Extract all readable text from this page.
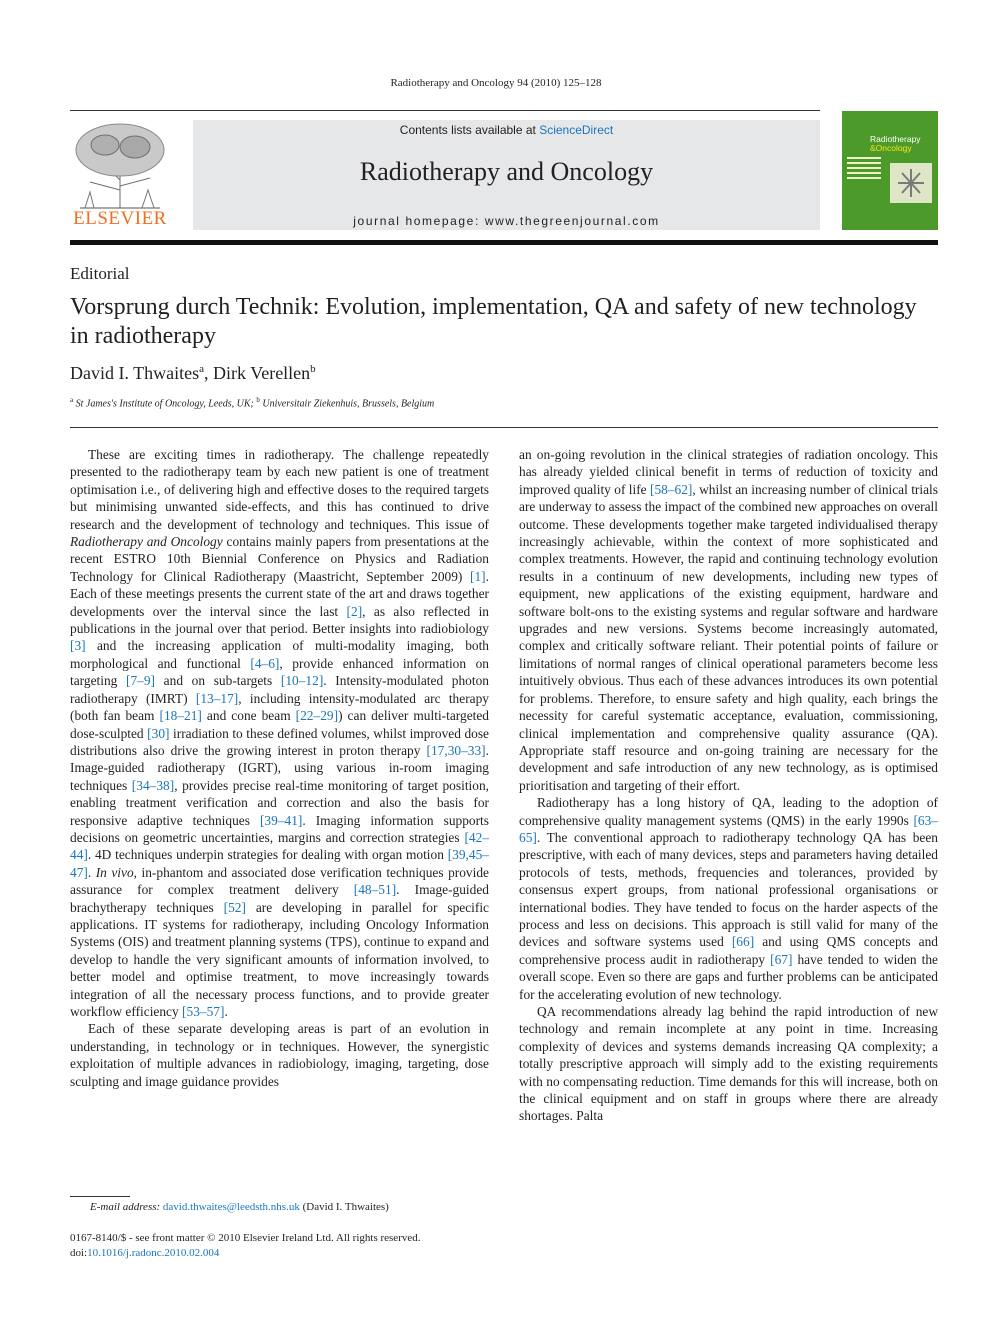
Radiotherapy and Oncology 94 (2010) 125–128
ELSEVIER
Contents lists available at ScienceDirect
Radiotherapy and Oncology
journal homepage: www.thegreenjournal.com
Radiotherapy
&Oncology
Editorial
Vorsprung durch Technik: Evolution, implementation, QA and safety of new technology in radiotherapy
David I. Thwaites$^a$, Dirk Verellen$^b$
$^a$ St James's Institute of Oncology, Leeds, UK; $^b$ Universitair Ziekenhuis, Brussels, Belgium

These are exciting times in radiotherapy. The challenge repeatedly presented to the radiotherapy team by each new patient is one of treatment optimisation i.e., of delivering high and effective doses to the required targets but minimising unwanted side-effects, and this has continued to drive research and the development of technology and techniques. This issue of Radiotherapy and Oncology contains mainly papers from presentations at the recent ESTRO 10th Biennial Conference on Physics and Radiation Technology for Clinical Radiotherapy (Maastricht, September 2009) [1]. Each of these meetings presents the current state of the art and draws together developments over the interval since the last [2], as also reflected in publications in the journal over that period. Better insights into radiobiology [3] and the increasing application of multi-modality imaging, both morphological and functional [4–6], provide enhanced information on targeting [7–9] and on sub-targets [10–12]. Intensity-modulated photon radiotherapy (IMRT) [13–17], including intensity-modulated arc therapy (both fan beam [18–21] and cone beam [22–29]) can deliver multi-targeted dose-sculpted [30] irradiation to these defined volumes, whilst improved dose distributions also drive the growing interest in proton therapy [17,30–33]. Image-guided radiotherapy (IGRT), using various in-room imaging techniques [34–38], provides precise real-time monitoring of target position, enabling treatment verification and correction and also the basis for responsive adaptive techniques [39–41]. Imaging information supports decisions on geometric uncertainties, margins and correction strategies [42–44]. 4D techniques underpin strategies for dealing with organ motion [39,45–47]. In vivo, in-phantom and associated dose verification techniques provide assurance for complex treatment delivery [48–51]. Image-guided brachytherapy techniques [52] are developing in parallel for specific applications. IT systems for radiotherapy, including Oncology Information Systems (OIS) and treatment planning systems (TPS), continue to expand and develop to handle the very significant amounts of information involved, to better model and optimise treatment, to move increasingly towards integration of all the necessary process functions, and to provide greater workflow efficiency [53–57].

Each of these separate developing areas is part of an evolution in understanding, in technology or in techniques. However, the synergistic exploitation of multiple advances in radiobiology, imaging, targeting, dose sculpting and image guidance provides

an on-going revolution in the clinical strategies of radiation oncology. This has already yielded clinical benefit in terms of reduction of toxicity and improved quality of life [58–62], whilst an increasing number of clinical trials are underway to assess the impact of the combined new approaches on overall outcome. These developments together make targeted individualised therapy increasingly achievable, within the context of more sophisticated and complex treatments. However, the rapid and continuing technology evolution results in a continuum of new developments, including new types of equipment, new applications of the existing equipment, hardware and software bolt-ons to the existing systems and regular software and hardware upgrades and new versions. Systems become increasingly automated, complex and critically software reliant. Their potential points of failure or limitations of normal ranges of clinical operational parameters become less intuitively obvious. Thus each of these advances introduces its own potential for problems. Therefore, to ensure safety and high quality, each brings the necessity for careful systematic acceptance, evaluation, commissioning, clinical implementation and comprehensive quality assurance (QA). Appropriate staff resource and on-going training are necessary for the development and safe introduction of any new technology, as is optimised prioritisation and targeting of their effort.

Radiotherapy has a long history of QA, leading to the adoption of comprehensive quality management systems (QMS) in the early 1990s [63–65]. The conventional approach to radiotherapy technology QA has been prescriptive, with each of many devices, steps and parameters having detailed protocols of tests, methods, frequencies and tolerances, provided by consensus expert groups, from national professional organisations or international bodies. They have tended to focus on the harder aspects of the process and less on decisions. This approach is still valid for many of the devices and software systems used [66] and using QMS concepts and comprehensive process audit in radiotherapy [67] have tended to widen the overall scope. Even so there are gaps and further problems can be anticipated for the accelerating evolution of new technology.

QA recommendations already lag behind the rapid introduction of new technology and remain incomplete at any point in time. Increasing complexity of devices and systems demands increasing QA complexity; a totally prescriptive approach will simply add to the existing requirements with no compensating reduction. Time demands for this will increase, both on the clinical equipment and on staff in groups where there are already shortages. Palta

E-mail address: david.thwaites@leedsth.nhs.uk (David I. Thwaites)
0167-8140/$ - see front matter © 2010 Elsevier Ireland Ltd. All rights reserved.
doi:10.1016/j.radonc.2010.02.004
